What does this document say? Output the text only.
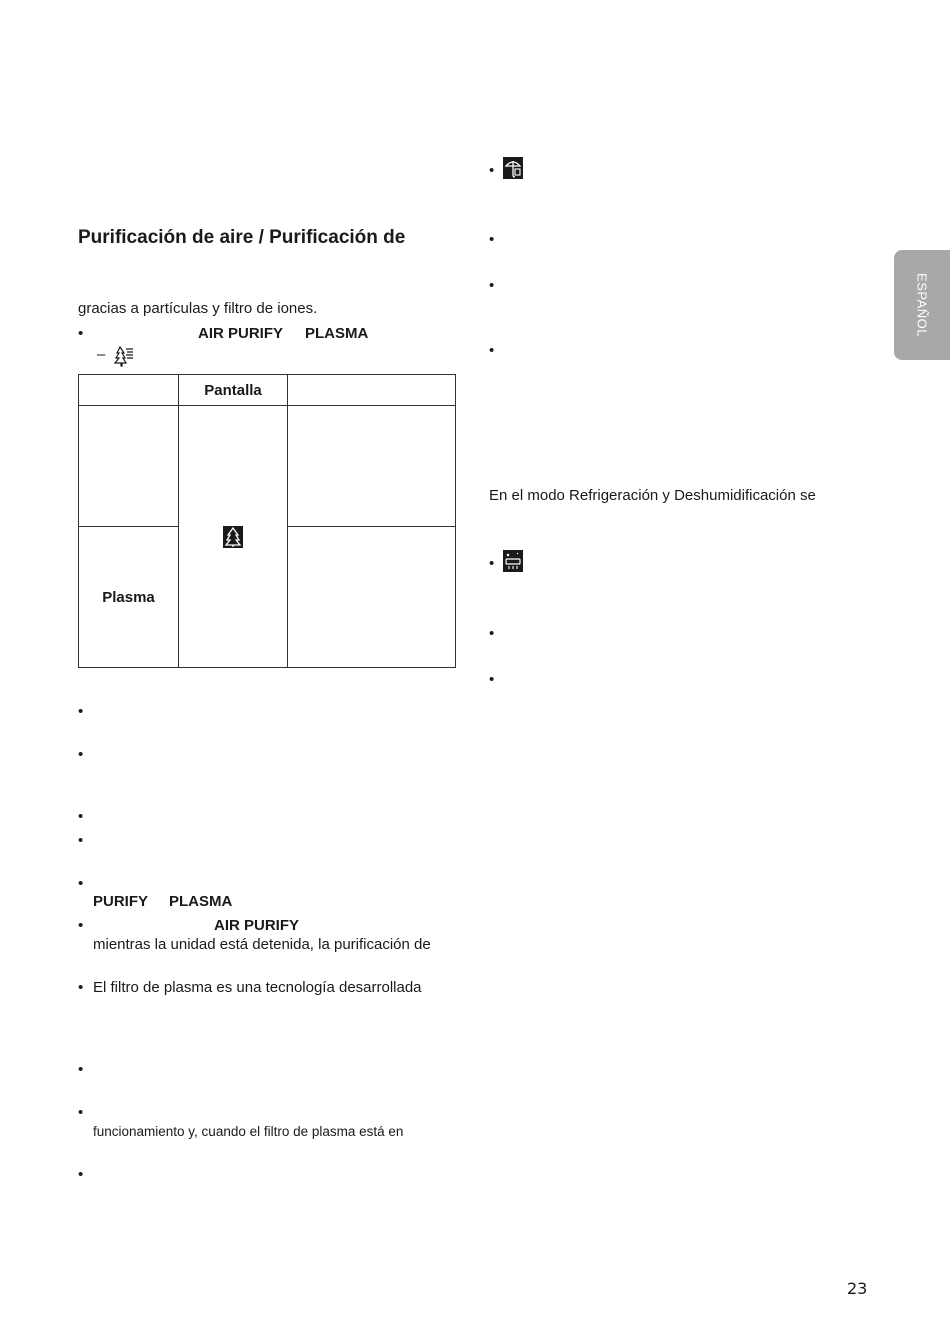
ESPAÑOL
Purificación de aire / Purificación de
gracias a partículas y filtro de iones.
•	AIR PURIFY PLASMA
–
	Pantalla	

Plasma		
•
•
•
•
•
PURIFY PLASMA
•	AIR PURIFY
mientras la unidad está detenida, la purificación de
• El filtro de plasma es una tecnología desarrollada
•
•
funcionamiento y, cuando el filtro de plasma está en
•
•
•
•
•
En el modo Refrigeración y Deshumidificación se
•
•
•
23
